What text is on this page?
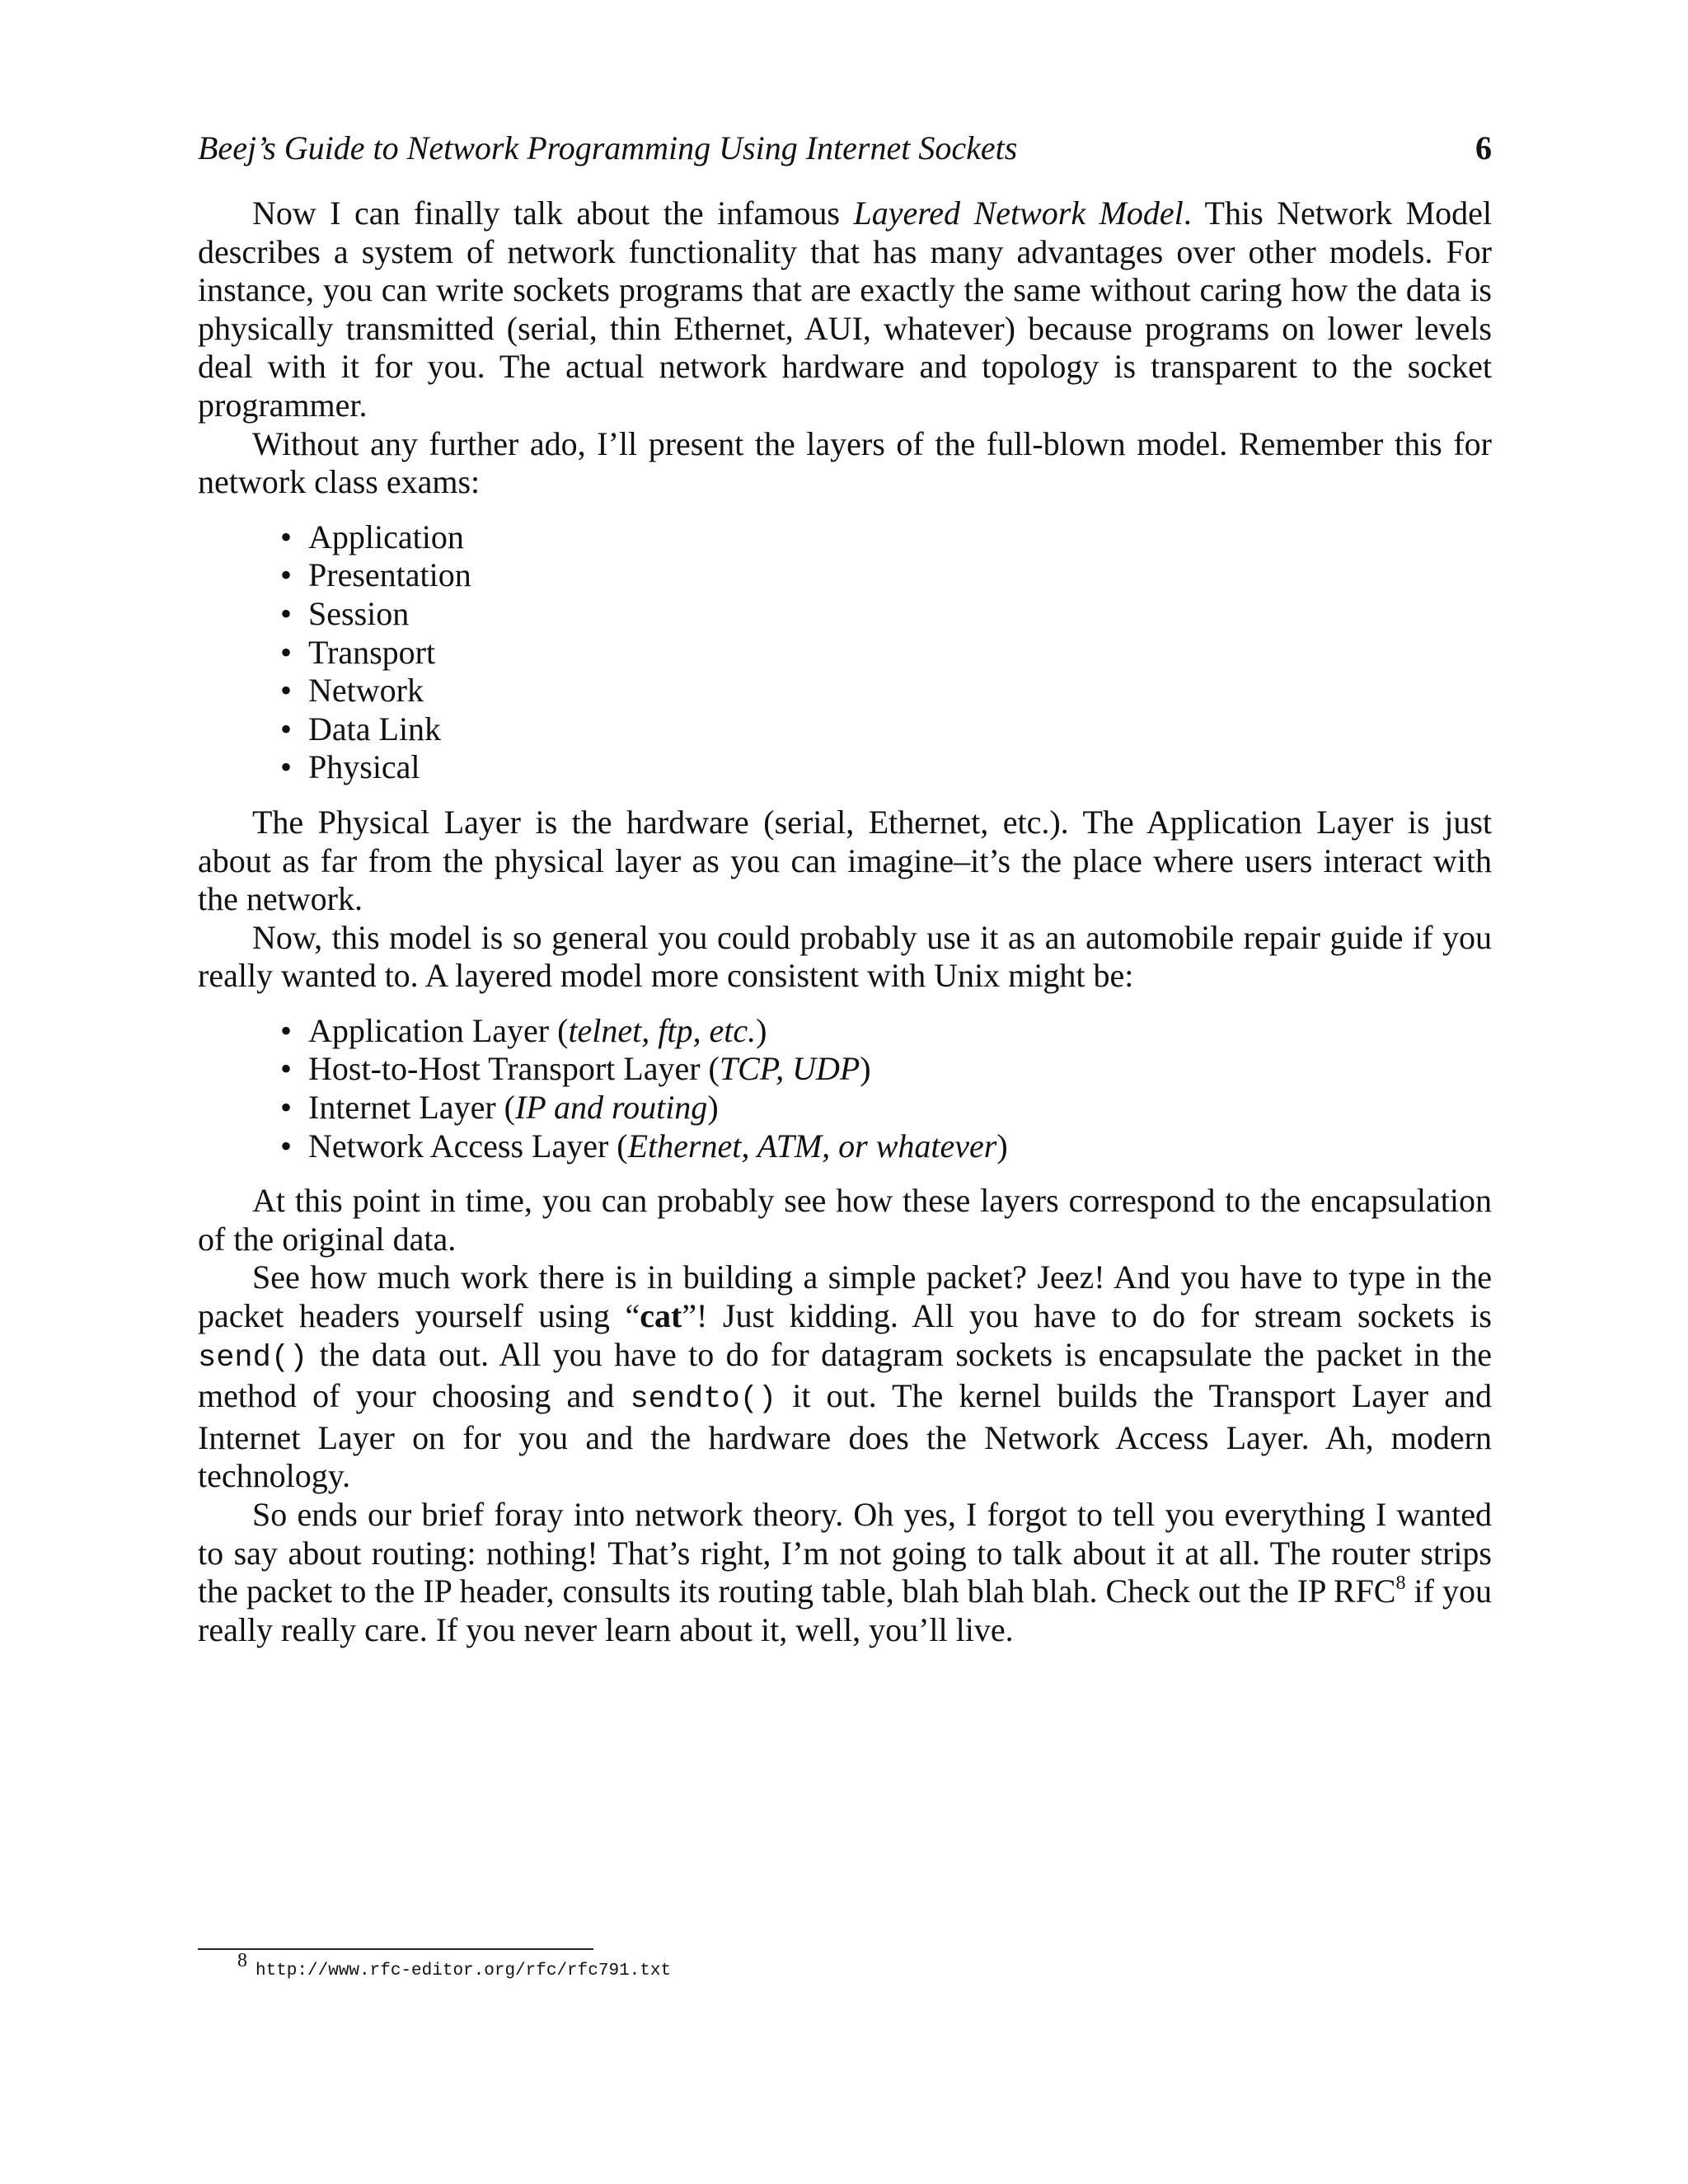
Beej’s Guide to Network Programming Using Internet Sockets	6

Now I can finally talk about the infamous Layered Network Model. This Network Model describes a system of network functionality that has many advantages over other models. For instance, you can write sockets programs that are exactly the same without caring how the data is physically transmitted (serial, thin Ethernet, AUI, whatever) because programs on lower levels deal with it for you. The actual network hardware and topology is transparent to the socket programmer.

Without any further ado, I’ll present the layers of the full-blown model. Remember this for network class exams:

• Application
• Presentation
• Session
• Transport
• Network
• Data Link
• Physical

The Physical Layer is the hardware (serial, Ethernet, etc.). The Application Layer is just about as far from the physical layer as you can imagine–it’s the place where users interact with the network.

Now, this model is so general you could probably use it as an automobile repair guide if you really wanted to. A layered model more consistent with Unix might be:

• Application Layer (telnet, ftp, etc.)
• Host-to-Host Transport Layer (TCP, UDP)
• Internet Layer (IP and routing)
• Network Access Layer (Ethernet, ATM, or whatever)

At this point in time, you can probably see how these layers correspond to the encapsulation of the original data.

See how much work there is in building a simple packet? Jeez! And you have to type in the packet headers yourself using “cat”! Just kidding. All you have to do for stream sockets is send() the data out. All you have to do for datagram sockets is encapsulate the packet in the method of your choosing and sendto() it out. The kernel builds the Transport Layer and Internet Layer on for you and the hardware does the Network Access Layer. Ah, modern technology.

So ends our brief foray into network theory. Oh yes, I forgot to tell you everything I wanted to say about routing: nothing! That’s right, I’m not going to talk about it at all. The router strips the packet to the IP header, consults its routing table, blah blah blah. Check out the IP RFC$^8$ if you really really care. If you never learn about it, well, you’ll live.

8 http://www.rfc-editor.org/rfc/rfc791.txt
